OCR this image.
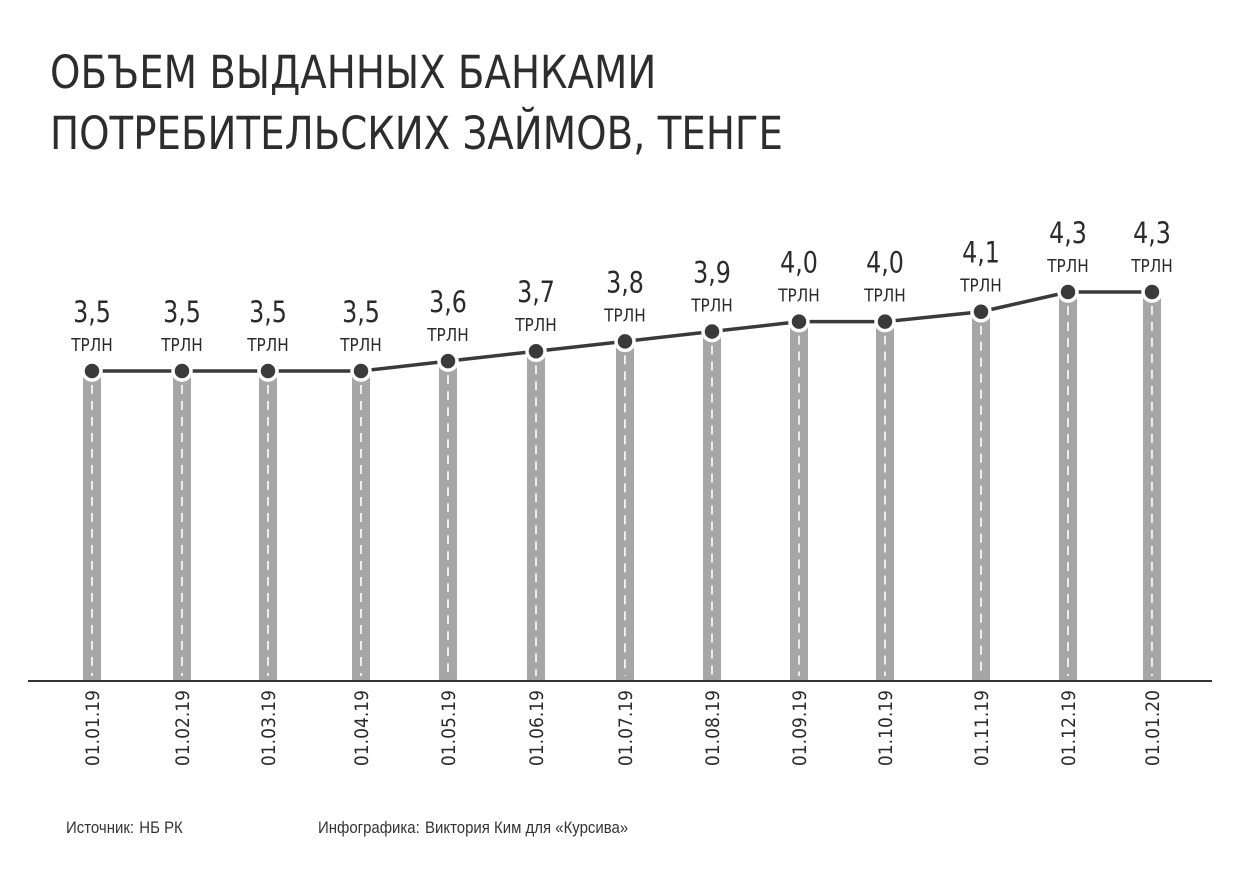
ОБЪЕМ ВЫДАННЫХ БАНКАМИ
ПОТРЕБИТЕЛЬСКИХ ЗАЙМОВ, ТЕНГЕ
3,5
ТРЛН
3,5
ТРЛН
3,5
ТРЛН
3,5
ТРЛН
3,6
ТРЛН
3,7
ТРЛН
3,8
ТРЛН
3,9
ТРЛН
4,0
ТРЛН
4,0
ТРЛН
4,1
ТРЛН
4,3
ТРЛН
4,3
ТРЛН
01.01.19	01.02.19	01.03.19	01.04.19	01.05.19	01.06.19	01.07.19	01.08.19	01.09.19	01.10.19	01.11.19	01.12.19	01.01.20
Источник: НБ РК	Инфографика: Виктория Ким для «Курсива»
